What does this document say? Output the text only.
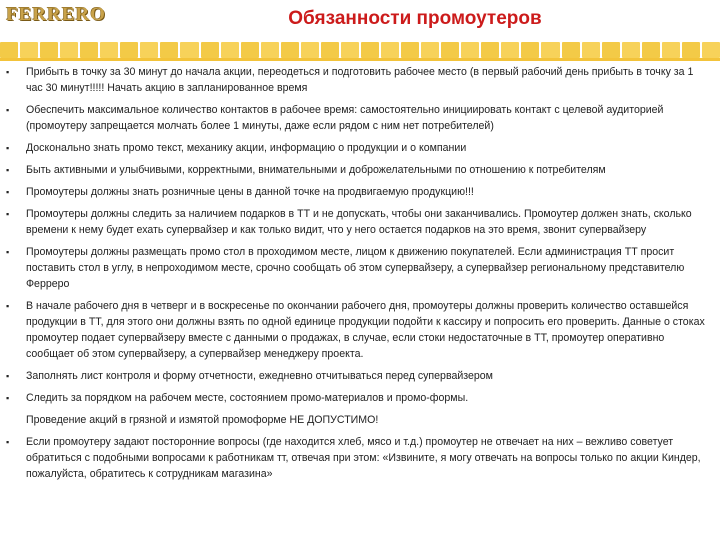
FERRERO	Обязанности промоутеров
▪	Прибыть в точку за 30 минут до начала акции, переодеться и подготовить рабочее место (в первый рабочий день прибыть в точку за 1 час 30 минут!!!!! Начать акцию в запланированное время
▪	Обеспечить максимальное количество контактов в рабочее время: самостоятельно инициировать контакт с целевой аудиторией (промоутеру запрещается молчать более 1 минуты, даже если рядом с ним нет потребителей)
▪	Досконально знать промо текст, механику акции, информацию о продукции и о компании
▪	Быть активными и улыбчивыми, корректными, внимательными и доброжелательными по отношению к потребителям
▪	Промоутеры должны знать розничные цены в данной точке на продвигаемую продукцию!!!
▪	Промоутеры должны следить за наличием подарков в ТТ и не допускать, чтобы они заканчивались. Промоутер должен знать, сколько времени к нему будет ехать супервайзер и как только видит, что у него остается подарков на это время, звонит супервайзеру
▪	Промоутеры должны размещать промо стол в проходимом месте, лицом к движению покупателей. Если администрация ТТ просит поставить стол в углу, в непроходимом месте, срочно сообщать об этом супервайзеру, а супервайзер региональному представителю Ферреро
▪	В начале рабочего дня в четверг и в воскресенье по окончании рабочего дня, промоутеры должны проверить количество оставшейся продукции в ТТ, для этого они должны взять по одной единице продукции подойти к кассиру и попросить его проверить. Данные о стоках промоутер подает супервайзеру вместе с данными о продажах, в случае, если стоки недостаточные в ТТ, промоутер оперативно сообщает об этом супервайзеру, а супервайзер менеджеру проекта.
▪	Заполнять лист контроля и форму отчетности, ежедневно отчитываться перед супервайзером
▪	Следить за порядком на рабочем месте, состоянием промо-материалов и промо-формы.
Проведение акций в грязной и измятой промоформе НЕ ДОПУСТИМО!
▪	Если промоутеру задают посторонние вопросы (где находится хлеб, мясо и т.д.) промоутер не отвечает на них – вежливо советует обратиться с подобными вопросами к работникам тт, отвечая при этом: «Извините, я могу отвечать на вопросы только по акции Киндер, пожалуйста, обратитесь к сотрудникам магазина»
